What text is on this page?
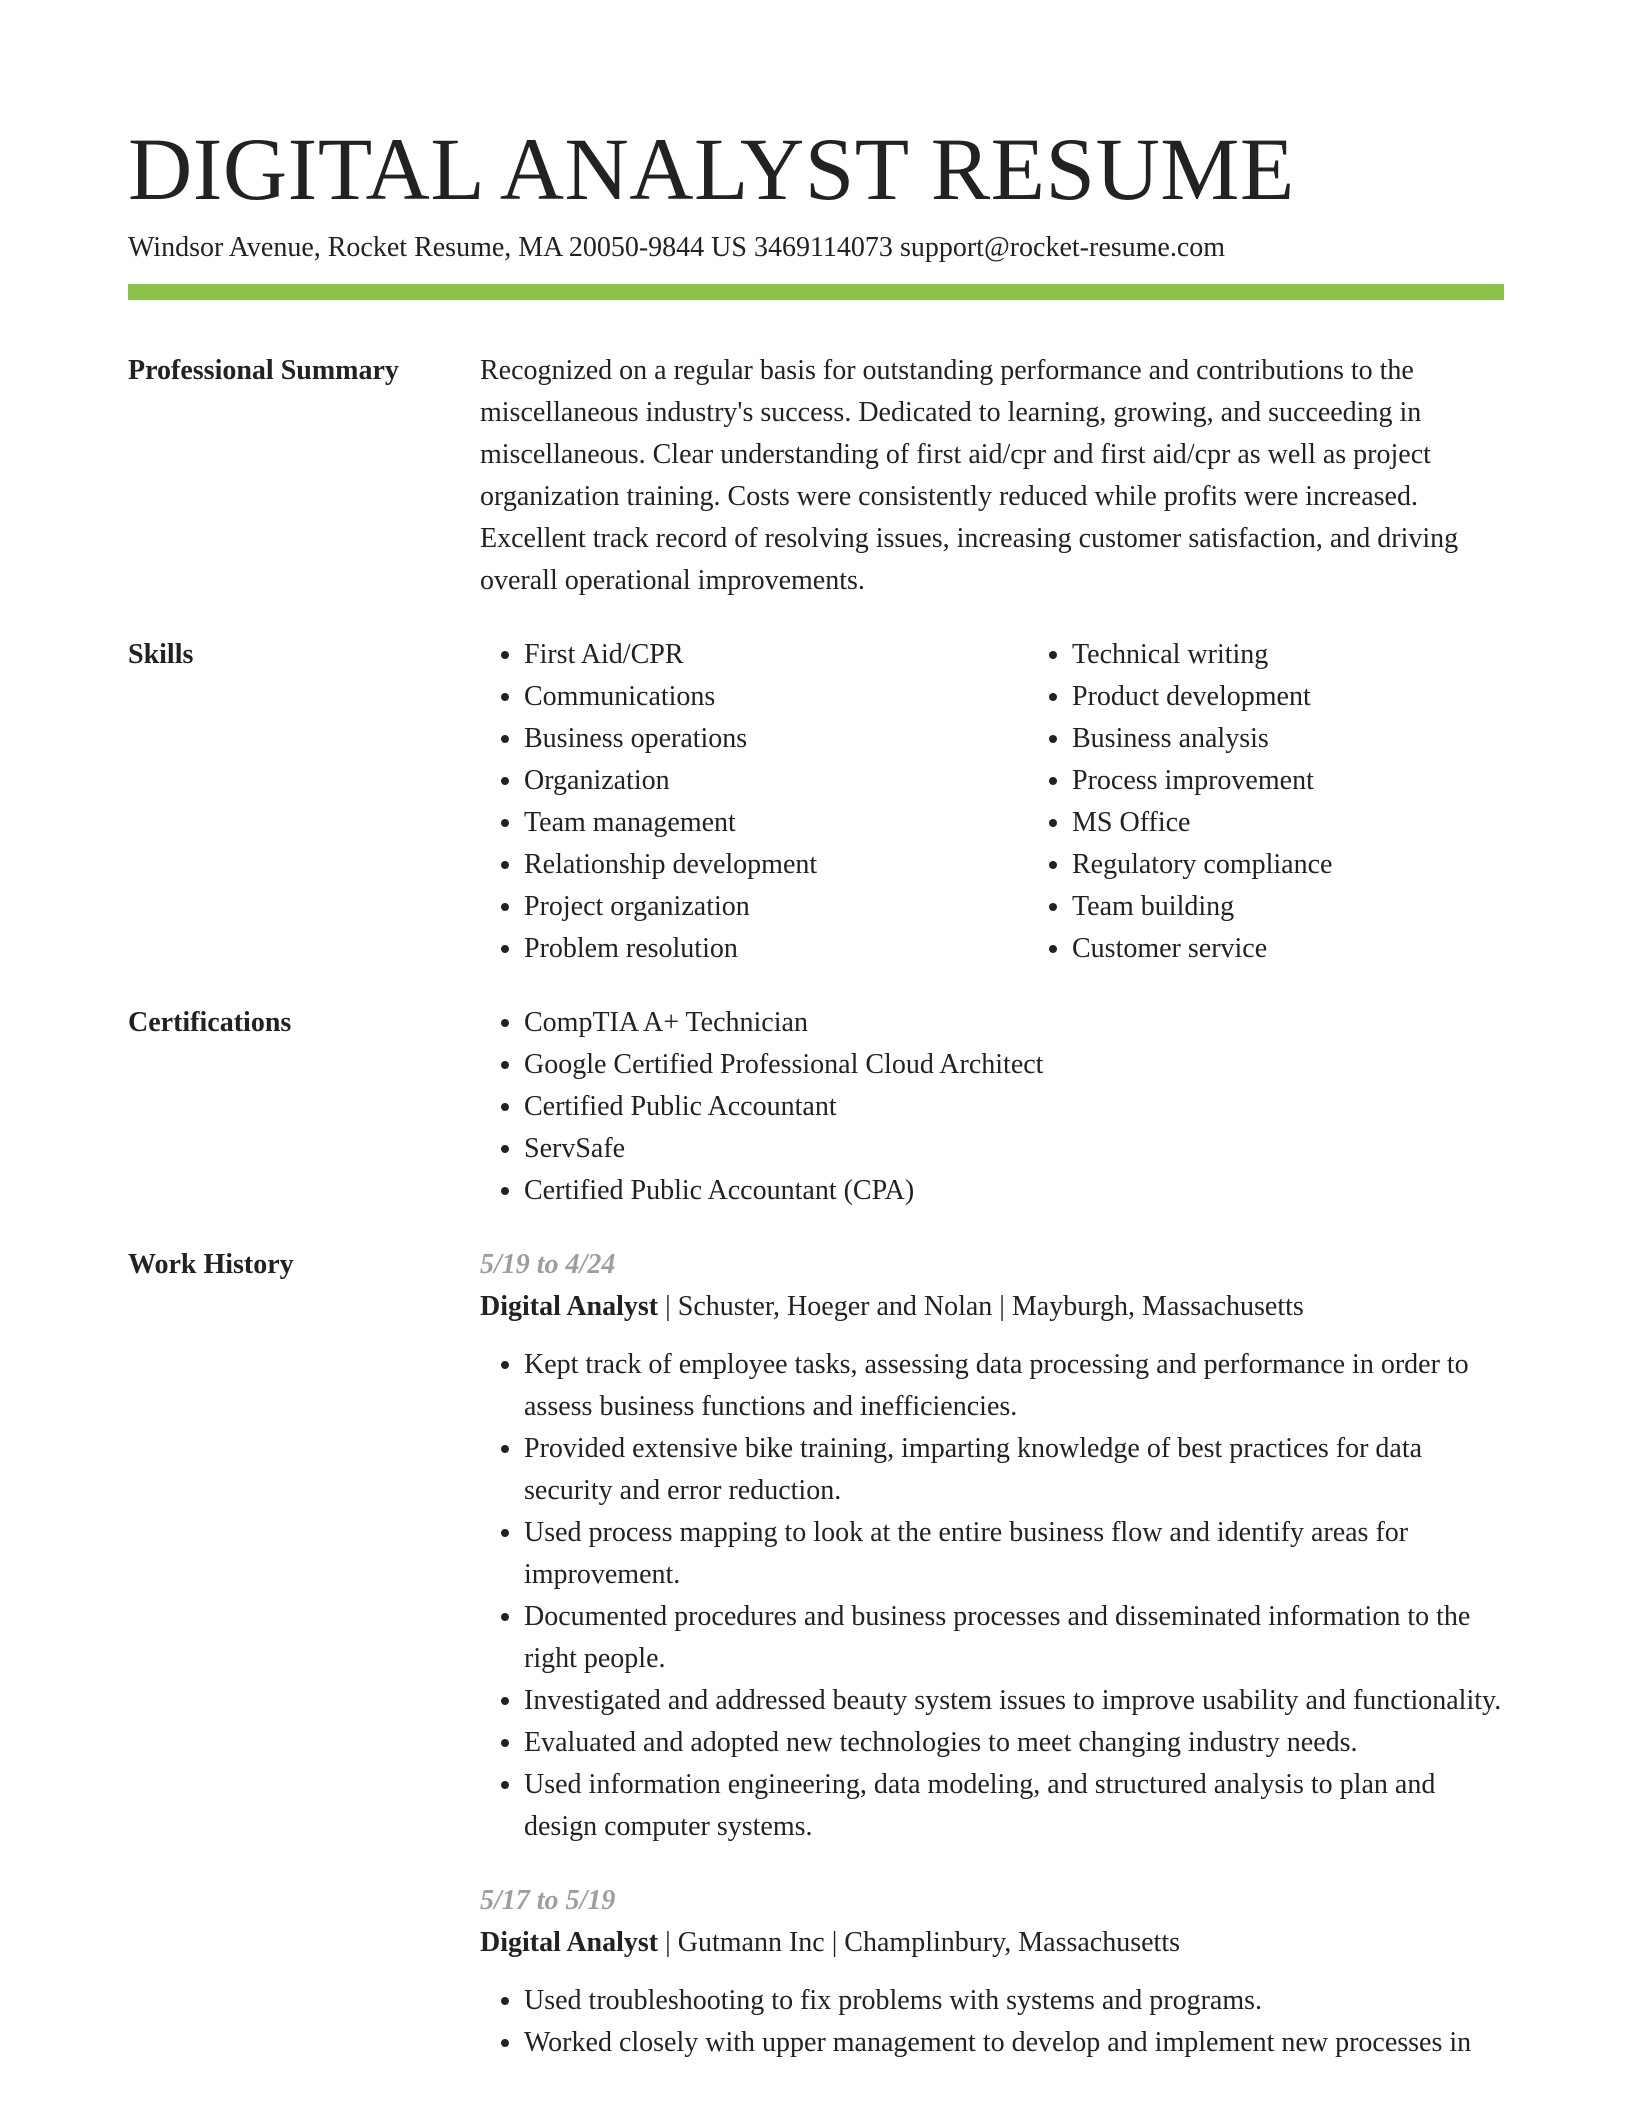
DIGITAL ANALYST RESUME
Windsor Avenue, Rocket Resume, MA 20050-9844 US 3469114073 support@rocket-resume.com
Professional Summary	Recognized on a regular basis for outstanding performance and contributions to the miscellaneous industry's success. Dedicated to learning, growing, and succeeding in miscellaneous. Clear understanding of first aid/cpr and first aid/cpr as well as project organization training. Costs were consistently reduced while profits were increased. Excellent track record of resolving issues, increasing customer satisfaction, and driving overall operational improvements.
Skills	• First Aid/CPR
• Communications
• Business operations
• Organization
• Team management
• Relationship development
• Project organization
• Problem resolution
• Technical writing
• Product development
• Business analysis
• Process improvement
• MS Office
• Regulatory compliance
• Team building
• Customer service
Certifications	• CompTIA A+ Technician
• Google Certified Professional Cloud Architect
• Certified Public Accountant
• ServSafe
• Certified Public Accountant (CPA)
Work History	5/19 to 4/24
Digital Analyst | Schuster, Hoeger and Nolan | Mayburgh, Massachusetts
• Kept track of employee tasks, assessing data processing and performance in order to assess business functions and inefficiencies.
• Provided extensive bike training, imparting knowledge of best practices for data security and error reduction.
• Used process mapping to look at the entire business flow and identify areas for improvement.
• Documented procedures and business processes and disseminated information to the right people.
• Investigated and addressed beauty system issues to improve usability and functionality.
• Evaluated and adopted new technologies to meet changing industry needs.
• Used information engineering, data modeling, and structured analysis to plan and design computer systems.
5/17 to 5/19
Digital Analyst | Gutmann Inc | Champlinbury, Massachusetts
• Used troubleshooting to fix problems with systems and programs.
• Worked closely with upper management to develop and implement new processes in
